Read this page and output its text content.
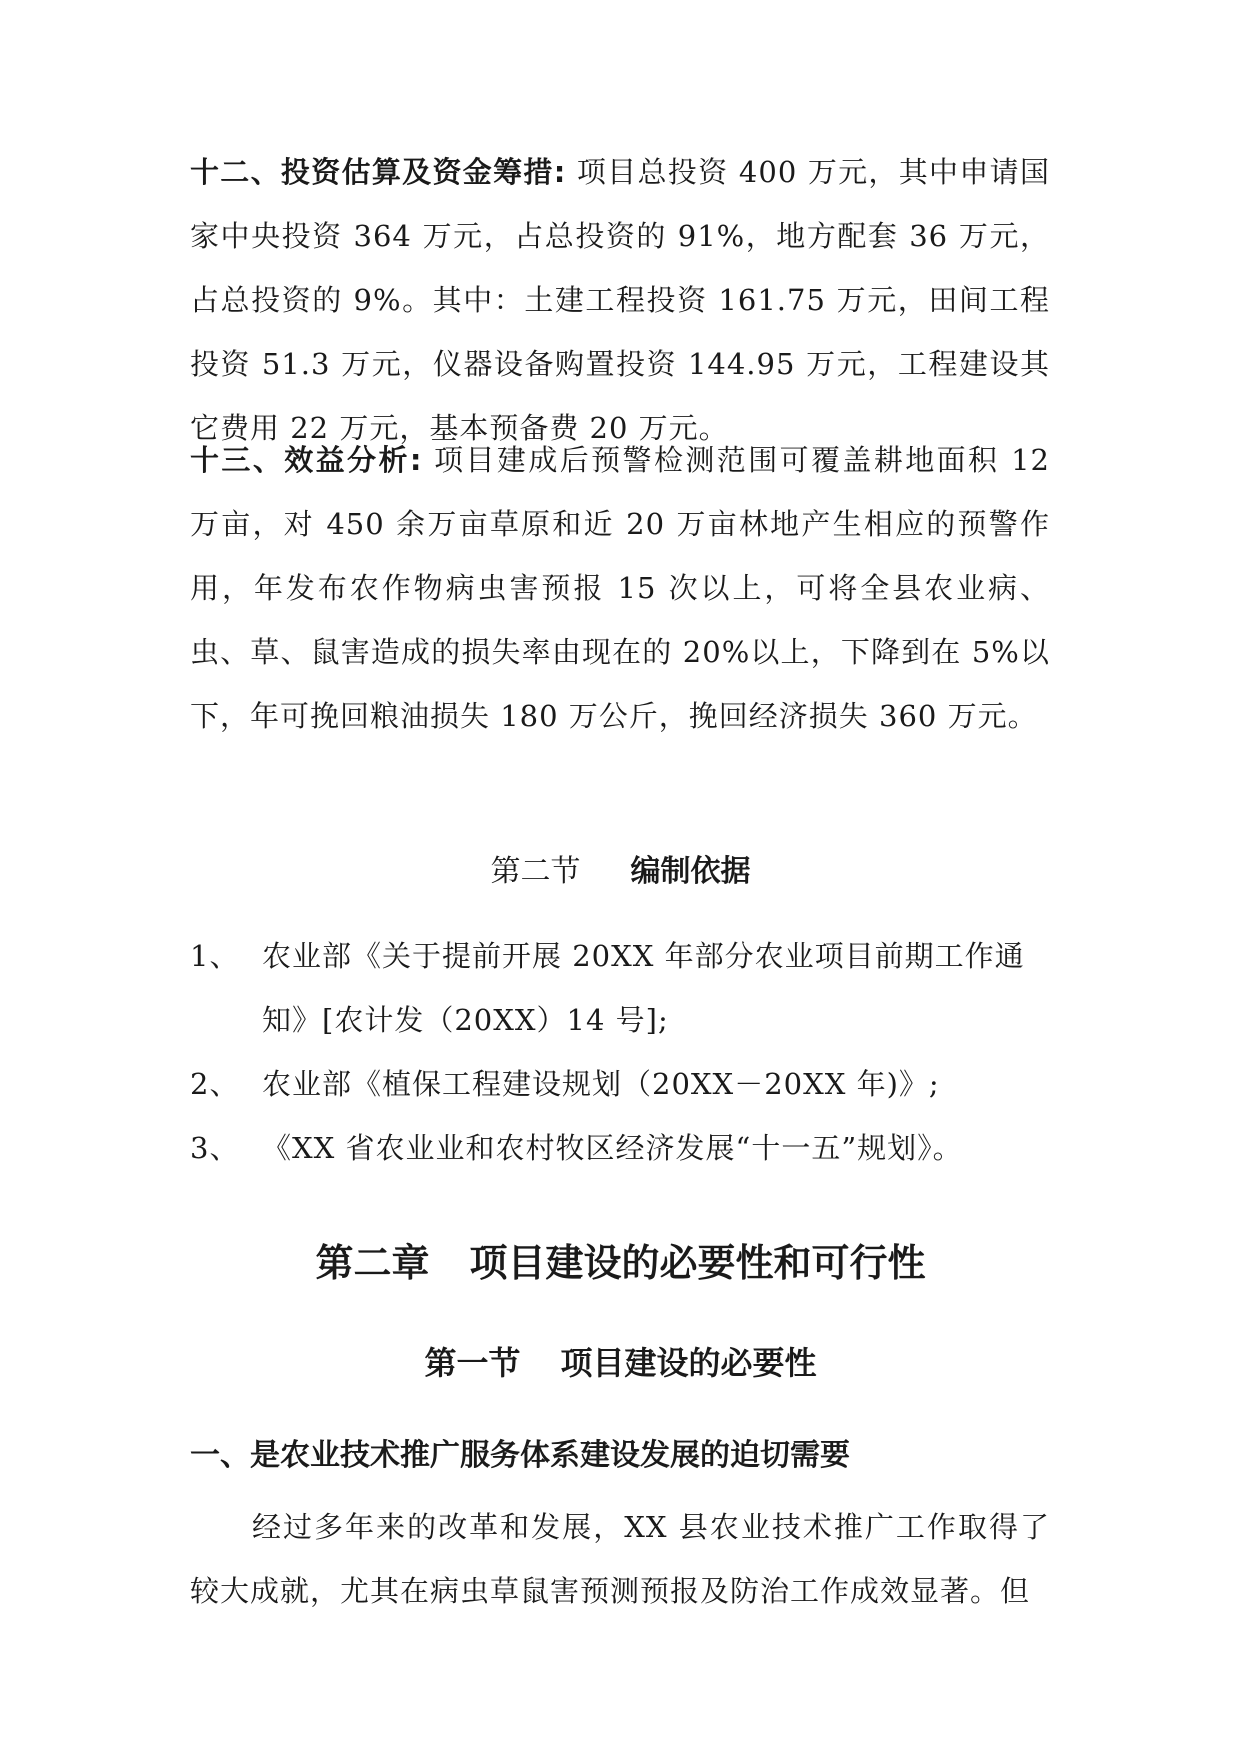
十二、投资估算及资金筹措: 项目总投资 400 万元，其中申请国家中央投资 364 万元，占总投资的 91%，地方配套 36 万元，占总投资的 9%。其中：土建工程投资 161.75 万元，田间工程投资 51.3 万元，仪器设备购置投资 144.95 万元，工程建设其它费用 22 万元，基本预备费 20 万元。

十三、效益分析: 项目建成后预警检测范围可覆盖耕地面积 12 万亩，对 450 余万亩草原和近 20 万亩林地产生相应的预警作用，年发布农作物病虫害预报 15 次以上，可将全县农业病、虫、草、鼠害造成的损失率由现在的 20%以上，下降到在 5%以下，年可挽回粮油损失 180 万公斤，挽回经济损失 360 万元。

第二节 编制依据

1、 农业部《关于提前开展 20XX 年部分农业项目前期工作通知》[农计发（20XX）14 号];
2、 农业部《植保工程建设规划（20XX－20XX 年)》;
3、 《XX 省农业业和农村牧区经济发展“十一五”规划》。

第二章 项目建设的必要性和可行性

第一节 项目建设的必要性

一、是农业技术推广服务体系建设发展的迫切需要

经过多年来的改革和发展，XX 县农业技术推广工作取得了较大成就，尤其在病虫草鼠害预测预报及防治工作成效显著。但
